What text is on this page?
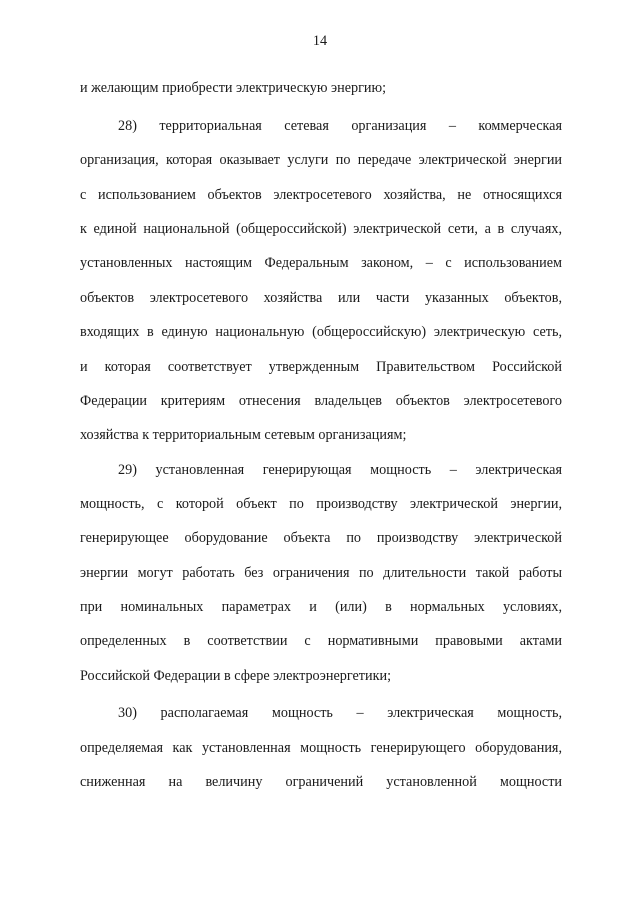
14
и желающим приобрести электрическую энергию;
28) территориальная сетевая организация – коммерческая
организация, которая оказывает услуги по передаче электрической энергии
с использованием объектов электросетевого хозяйства, не относящихся
к единой национальной (общероссийской) электрической сети, а в случаях,
установленных настоящим Федеральным законом, – с использованием
объектов электросетевого хозяйства или части указанных объектов,
входящих в единую национальную (общероссийскую) электрическую сеть,
и которая соответствует утвержденным Правительством Российской
Федерации критериям отнесения владельцев объектов электросетевого
хозяйства к территориальным сетевым организациям;
29) установленная генерирующая мощность – электрическая
мощность, с которой объект по производству электрической энергии,
генерирующее оборудование объекта по производству электрической
энергии могут работать без ограничения по длительности такой работы
при номинальных параметрах и (или) в нормальных условиях,
определенных в соответствии с нормативными правовыми актами
Российской Федерации в сфере электроэнергетики;
30) располагаемая мощность – электрическая мощность,
определяемая как установленная мощность генерирующего оборудования,
сниженная на величину ограничений установленной мощности
